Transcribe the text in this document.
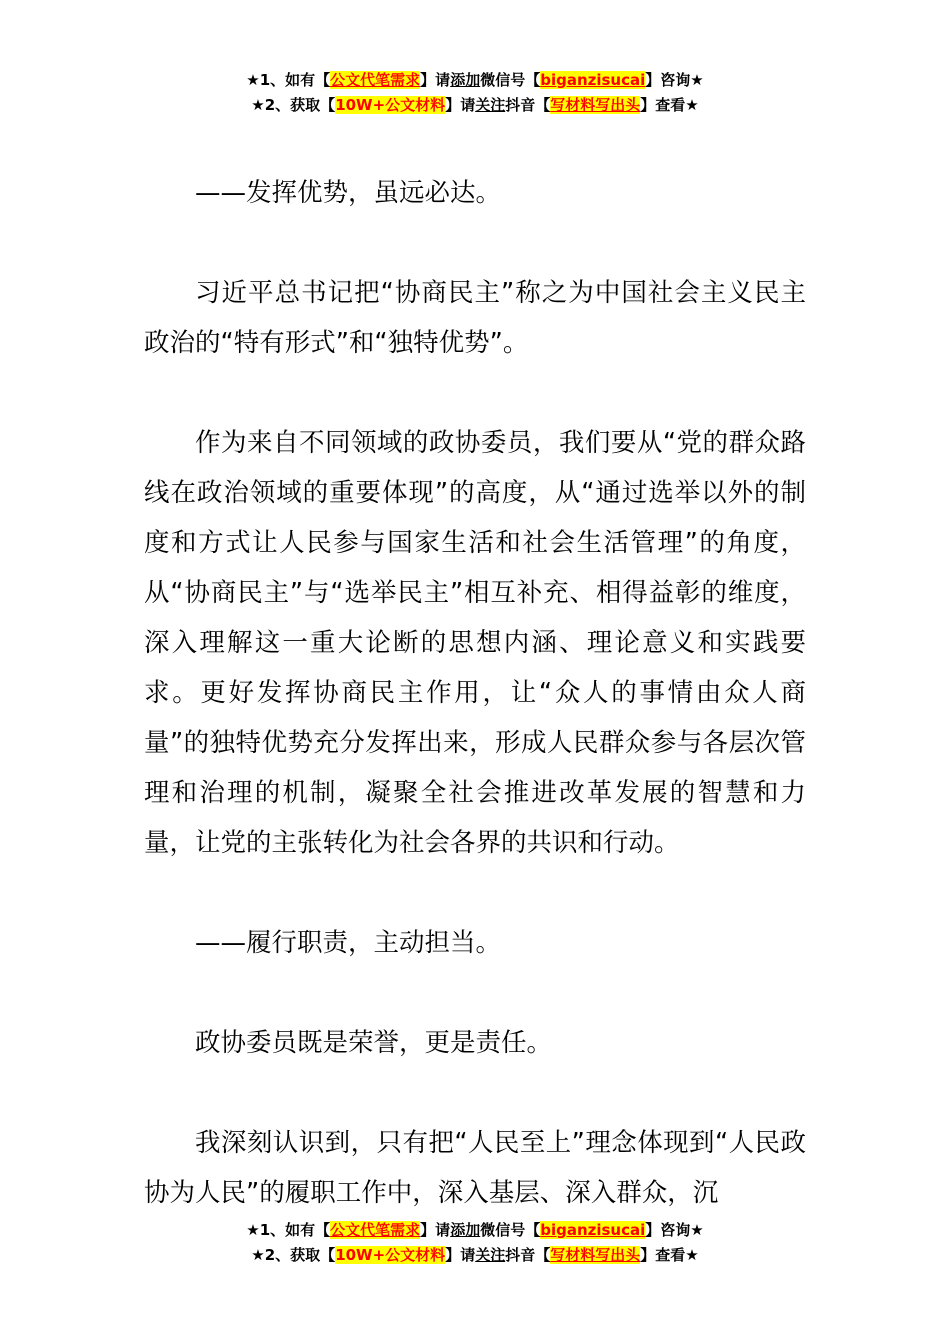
★1、如有【公文代笔需求】请添加微信号【biganzisucai】咨询★
★2、获取【10W+公文材料】请关注抖音【写材料写出头】查看★

——发挥优势，虽远必达。

习近平总书记把“协商民主”称之为中国社会主义民主政治的“特有形式”和“独特优势”。

作为来自不同领域的政协委员，我们要从“党的群众路线在政治领域的重要体现”的高度，从“通过选举以外的制度和方式让人民参与国家生活和社会生活管理”的角度，从“协商民主”与“选举民主”相互补充、相得益彰的维度，深入理解这一重大论断的思想内涵、理论意义和实践要求。更好发挥协商民主作用，让“众人的事情由众人商量”的独特优势充分发挥出来，形成人民群众参与各层次管理和治理的机制，凝聚全社会推进改革发展的智慧和力量，让党的主张转化为社会各界的共识和行动。

——履行职责，主动担当。

政协委员既是荣誉，更是责任。

我深刻认识到，只有把“人民至上”理念体现到“人民政协为人民”的履职工作中，深入基层、深入群众，沉

★1、如有【公文代笔需求】请添加微信号【biganzisucai】咨询★
★2、获取【10W+公文材料】请关注抖音【写材料写出头】查看★
